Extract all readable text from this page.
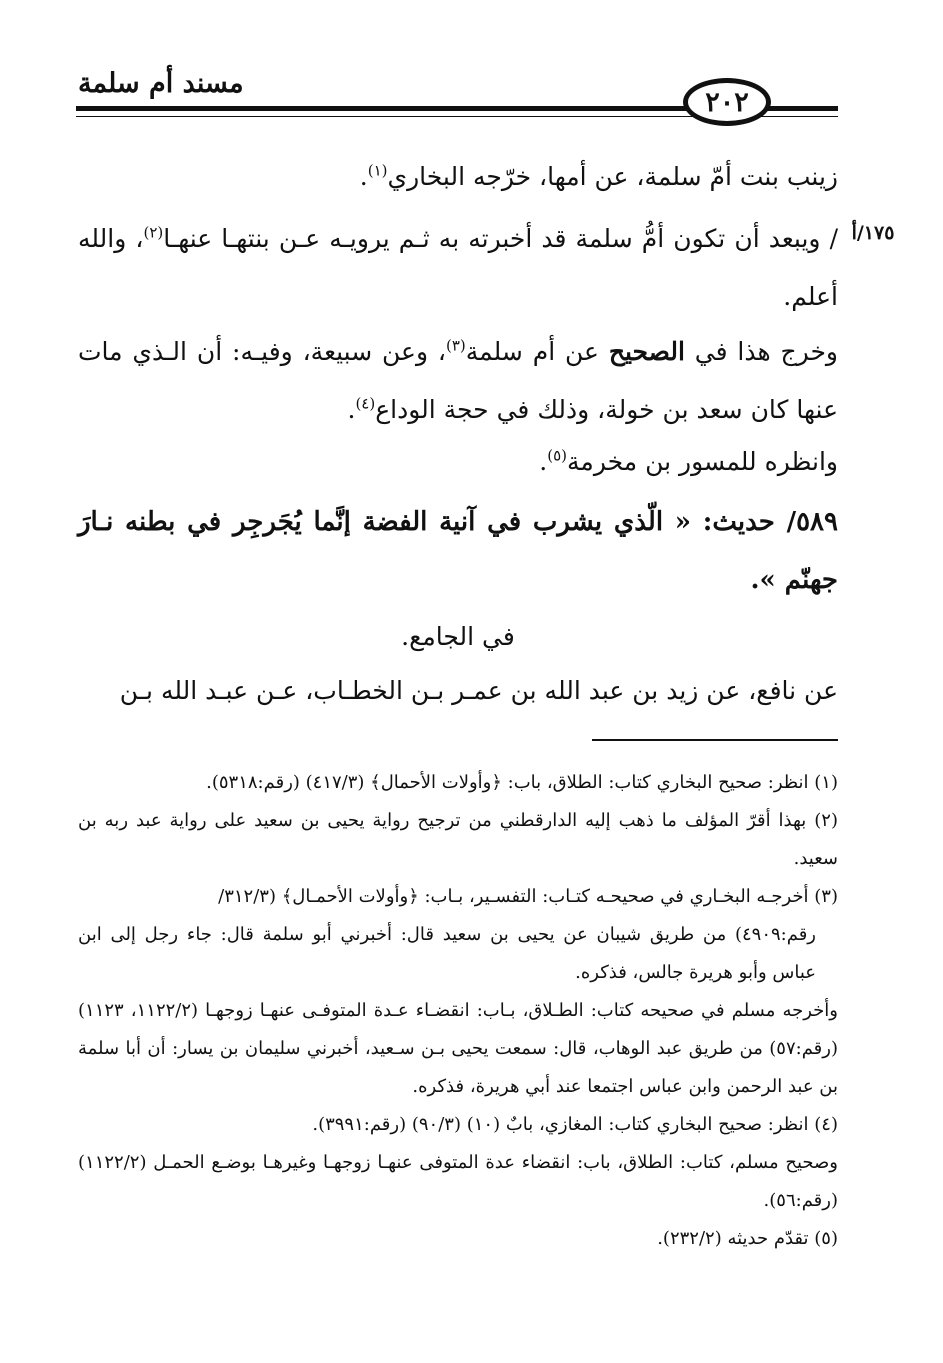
مسند أم سلمة
٢٠٢
١٧٥/أ

زينب بنت أمّ سلمة، عن أمها، خرّجه البخاري$^{(١)}$.

/ ويبعد أن تكون أمُّ سلمة قد أخبرته به ثـم يرويـه عـن بنتهـا عنهـا$^{(٢)}$، والله أعلم.

وخرج هذا في الصحيح عن أم سلمة$^{(٣)}$، وعن سبيعة، وفيـه: أن الـذي مات عنها كان سعد بن خولة، وذلك في حجة الوداع$^{(٤)}$.

وانظره للمسور بن مخرمة$^{(٥)}$.

٥٨٩/ حديث: « الّذي يشرب في آنية الفضة إنَّما يُجَرجِر في بطنه نـارَ جهنّم ».

في الجامع.

عن نافع، عن زيد بن عبد الله بن عمـر بـن الخطـاب، عـن عبـد الله بـن

(١) انظر: صحيح البخاري كتاب: الطلاق، باب: ﴿وأولات الأحمال﴾ (٤١٧/٣) (رقم:٥٣١٨).

(٢) بهذا أقرّ المؤلف ما ذهب إليه الدارقطني من ترجيح رواية يحيى بن سعيد على رواية عبد ربه بن سعيد.

(٣) أخرجـه البخـاري في صحيحـه كتـاب: التفسـير، بـاب: ﴿وأولات الأحمـال﴾ (٣١٢/٣/

رقم:٤٩٠٩) من طريق شيبان عن يحيى بن سعيد قال: أخبرني أبو سلمة قال: جاء رجل إلى ابن عباس وأبو هريرة جالس، فذكره.

وأخرجه مسلم في صحيحه كتاب: الطـلاق، بـاب: انقضـاء عـدة المتوفـى عنهـا زوجهـا (١١٢٢/٢، ١١٢٣) (رقم:٥٧) من طريق عبد الوهاب، قال: سمعت يحيى بـن سـعيد، أخبرني سليمان بن يسار: أن أبا سلمة بن عبد الرحمن وابن عباس اجتمعا عند أبي هريرة، فذكره.

(٤) انظر: صحيح البخاري كتاب: المغازي، بابٌ (١٠) (٩٠/٣) (رقم:٣٩٩١).

وصحيح مسلم، كتاب: الطلاق، باب: انقضاء عدة المتوفى عنهـا زوجهـا وغيرهـا بوضـع الحمـل (١١٢٢/٢) (رقم:٥٦).

(٥) تقدّم حديثه (٢٣٢/٢).
